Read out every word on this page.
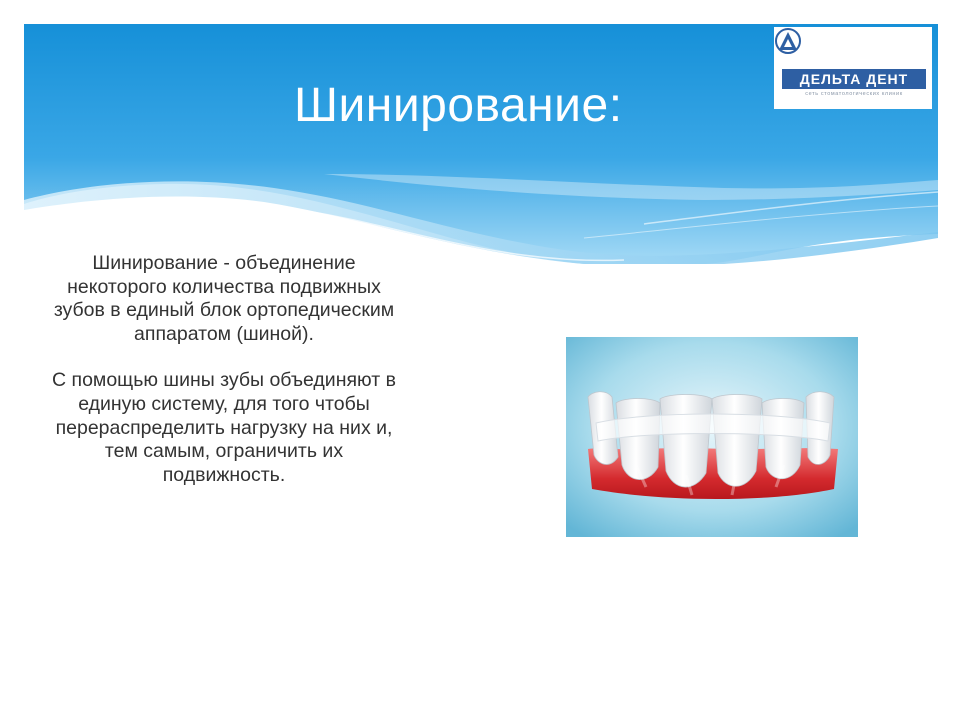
Шинирование:	ДЕЛЬТА ДЕНТ
сеть стоматологических клиник

Шинирование - объединение некоторого количества подвижных зубов в единый блок ортопедическим аппаратом (шиной).

С помощью шины зубы объединяют в единую систему, для того чтобы перераспределить нагрузку на них и, тем самым, ограничить их подвижность.
